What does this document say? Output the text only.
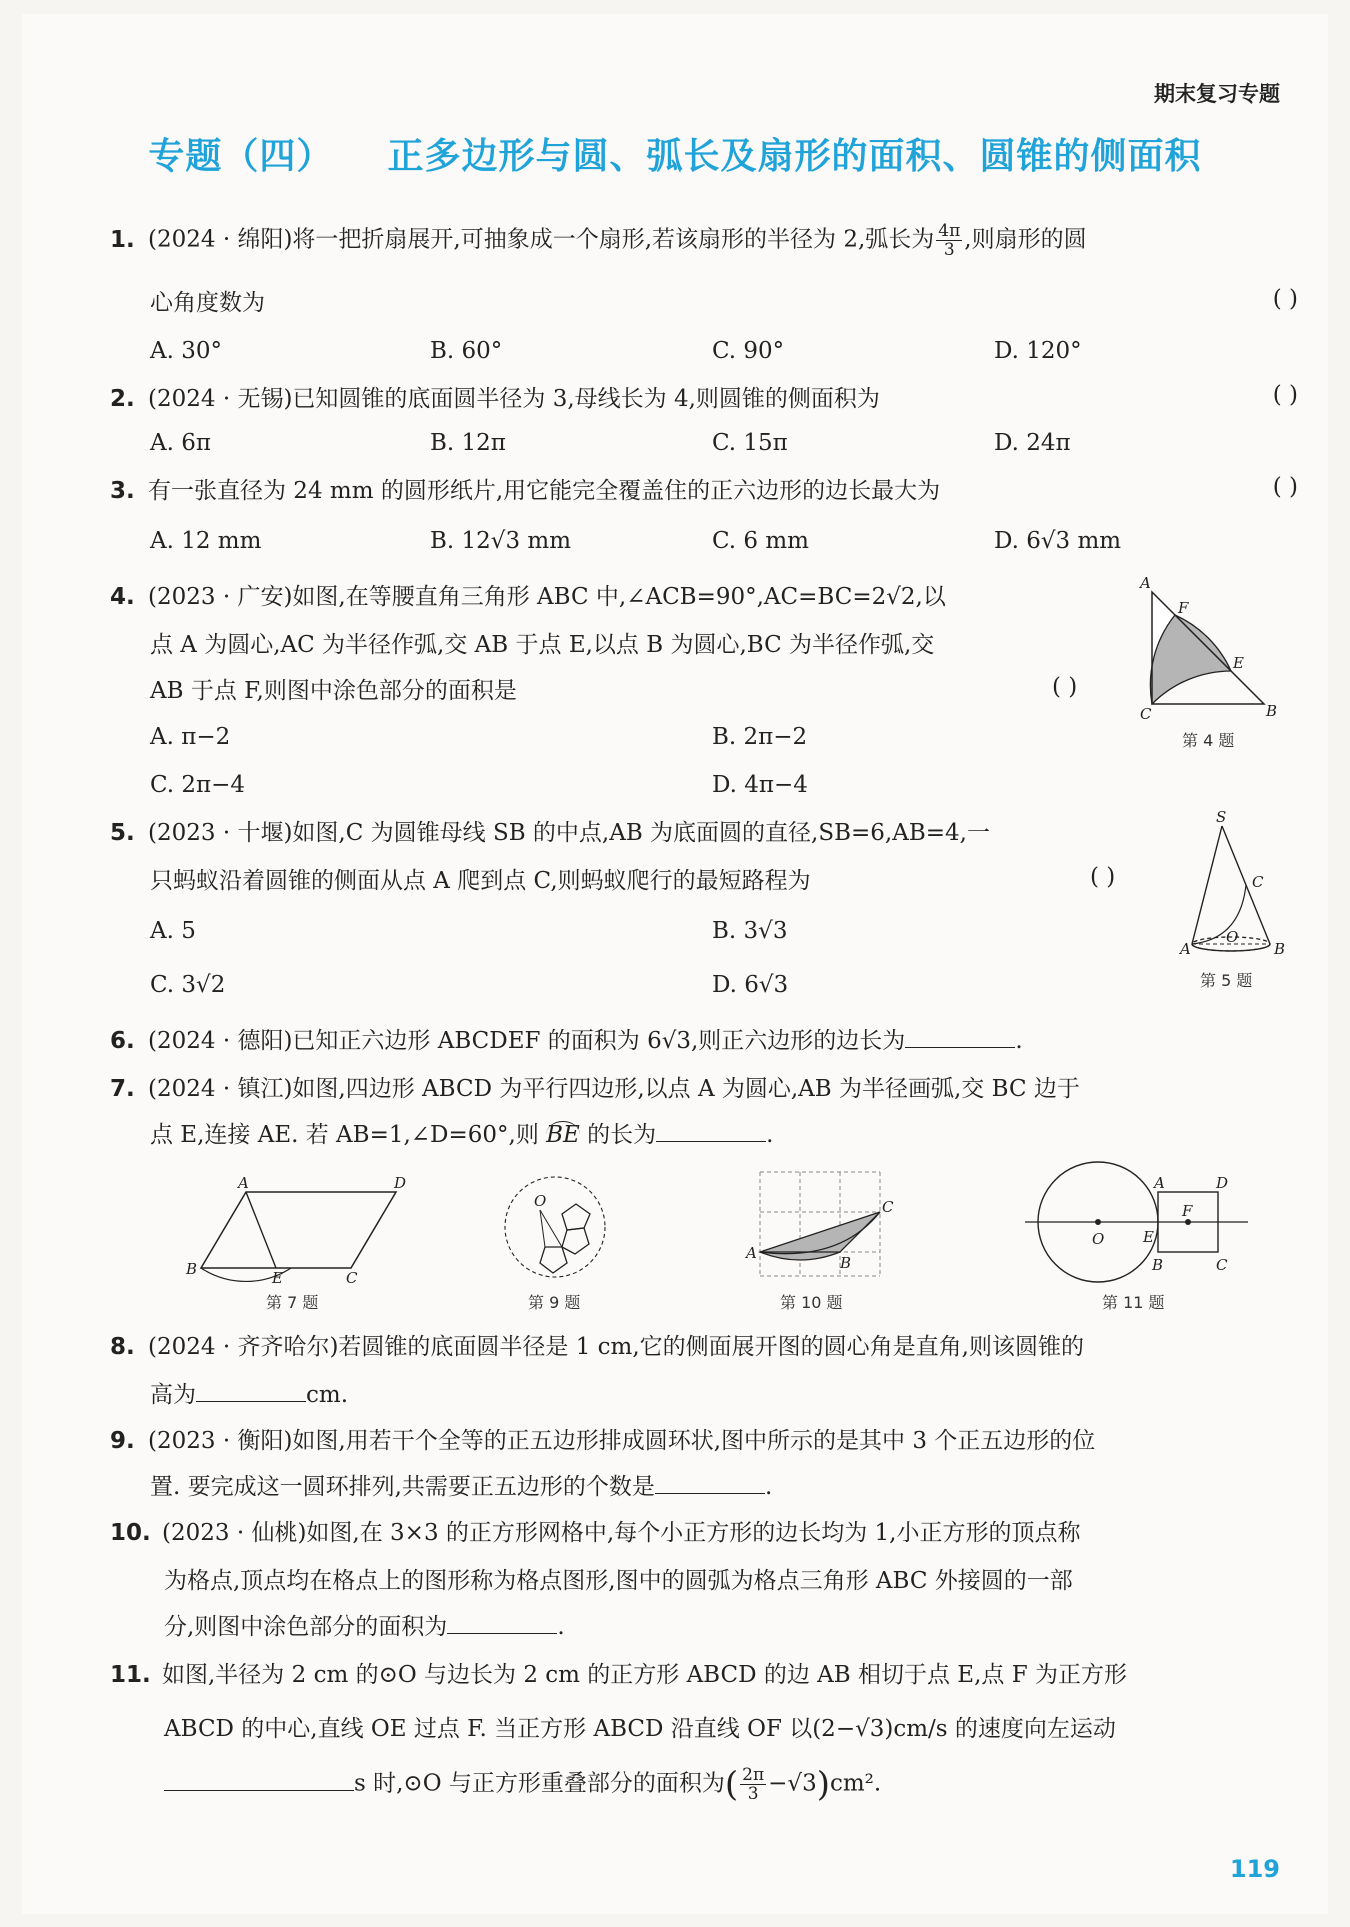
期末复习专题
专题（四）    正多边形与圆、弧长及扇形的面积、圆锥的侧面积
1. (2024 · 绵阳)将一把折扇展开,可抽象成一个扇形,若该扇形的半径为 2,弧长为 $\frac{4\pi}{3}$ ,则扇形的圆
心角度数为	( )
A. 30°	B. 60°	C. 90°	D. 120°
2. (2024 · 无锡)已知圆锥的底面圆半径为 3,母线长为 4,则圆锥的侧面积为	( )
A. 6π	B. 12π	C. 15π	D. 24π
3. 有一张直径为 24 mm 的圆形纸片,用它能完全覆盖住的正六边形的边长最大为	( )
A. 12 mm	B. 12√3 mm	C. 6 mm	D. 6√3 mm
4. (2023 · 广安)如图,在等腰直角三角形 ABC 中,∠ACB=90°,AC=BC=2√2,以
点 A 为圆心,AC 为半径作弧,交 AB 于点 E,以点 B 为圆心,BC 为半径作弧,交
AB 于点 F,则图中涂色部分的面积是	( )
A. π−2	B. 2π−2
C. 2π−4	D. 4π−4
A
F
E
C	B
第 4 题
5. (2023 · 十堰)如图,C 为圆锥母线 SB 的中点,AB 为底面圆的直径,SB=6,AB=4,一
只蚂蚁沿着圆锥的侧面从点 A 爬到点 C,则蚂蚁爬行的最短路程为	( )
A. 5	B. 3√3
C. 3√2	D. 6√3
S
C
A
O
B
第 5 题
6. (2024 · 德阳)已知正六边形 ABCDEF 的面积为 6√3,则正六边形的边长为	.
7. (2024 · 镇江)如图,四边形 ABCD 为平行四边形,以点 A 为圆心,AB 为半径画弧,交 BC 边于
点 E,连接 AE. 若 AB=1,∠D=60°,则 BE 的长为	.
A	D
B	E	C
第 7 题
O
第 9 题
A
B
C
第 10 题
A	D
F
O	E
B	C
第 11 题
8. (2024 · 齐齐哈尔)若圆锥的底面圆半径是 1 cm,它的侧面展开图的圆心角是直角,则该圆锥的
高为	cm.
9. (2023 · 衡阳)如图,用若干个全等的正五边形排成圆环状,图中所示的是其中 3 个正五边形的位
置. 要完成这一圆环排列,共需要正五边形的个数是	.
10. (2023 · 仙桃)如图,在 3×3 的正方形网格中,每个小正方形的边长均为 1,小正方形的顶点称
为格点,顶点均在格点上的图形称为格点图形,图中的圆弧为格点三角形 ABC 外接圆的一部
分,则图中涂色部分的面积为	.
11. 如图,半径为 2 cm 的⊙O 与边长为 2 cm 的正方形 ABCD 的边 AB 相切于点 E,点 F 为正方形
ABCD 的中心,直线 OE 过点 F. 当正方形 ABCD 沿直线 OF 以(2−√3)cm/s 的速度向左运动
s 时,⊙O 与正方形重叠部分的面积为( $\frac{2\pi}{3} -√3)cm^2$.
119
